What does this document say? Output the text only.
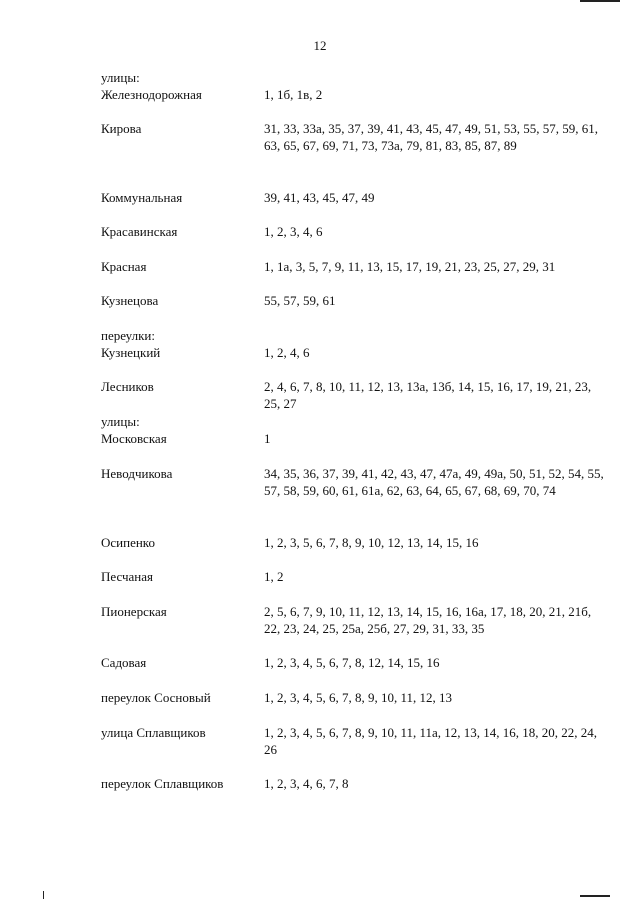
12
улицы:
Железнодорожная	1, 1б, 1в, 2
Кирова	31, 33, 33а, 35, 37, 39, 41, 43, 45, 47, 49, 51, 53, 55, 57, 59, 61, 63, 65, 67, 69, 71, 73, 73а, 79, 81, 83, 85, 87, 89
Коммунальная	39, 41, 43, 45, 47, 49
Красавинская	1, 2, 3, 4, 6
Красная	1, 1а, 3, 5, 7, 9, 11, 13, 15, 17, 19, 21, 23, 25, 27, 29, 31
Кузнецова	55, 57, 59, 61
переулки:
Кузнецкий	1, 2, 4, 6
Лесников	2, 4, 6, 7, 8, 10, 11, 12, 13, 13а, 13б, 14, 15, 16, 17, 19, 21, 23, 25, 27
улицы:
Московская	1
Неводчикова	34, 35, 36, 37, 39, 41, 42, 43, 47, 47а, 49, 49а, 50, 51, 52, 54, 55, 57, 58, 59, 60, 61, 61а, 62, 63, 64, 65, 67, 68, 69, 70, 74
Осипенко	1, 2, 3, 5, 6, 7, 8, 9, 10, 12, 13, 14, 15, 16
Песчаная	1, 2
Пионерская	2, 5, 6, 7, 9, 10, 11, 12, 13, 14, 15, 16, 16а, 17, 18, 20, 21, 21б, 22, 23, 24, 25, 25а, 25б, 27, 29, 31, 33, 35
Садовая	1, 2, 3, 4, 5, 6, 7, 8, 12, 14, 15, 16
переулок Сосновый	1, 2, 3, 4, 5, 6, 7, 8, 9, 10, 11, 12, 13
улица Сплавщиков	1, 2, 3, 4, 5, 6, 7, 8, 9, 10, 11, 11а, 12, 13, 14, 16, 18, 20, 22, 24, 26
переулок Сплавщиков	1, 2, 3, 4, 6, 7, 8
